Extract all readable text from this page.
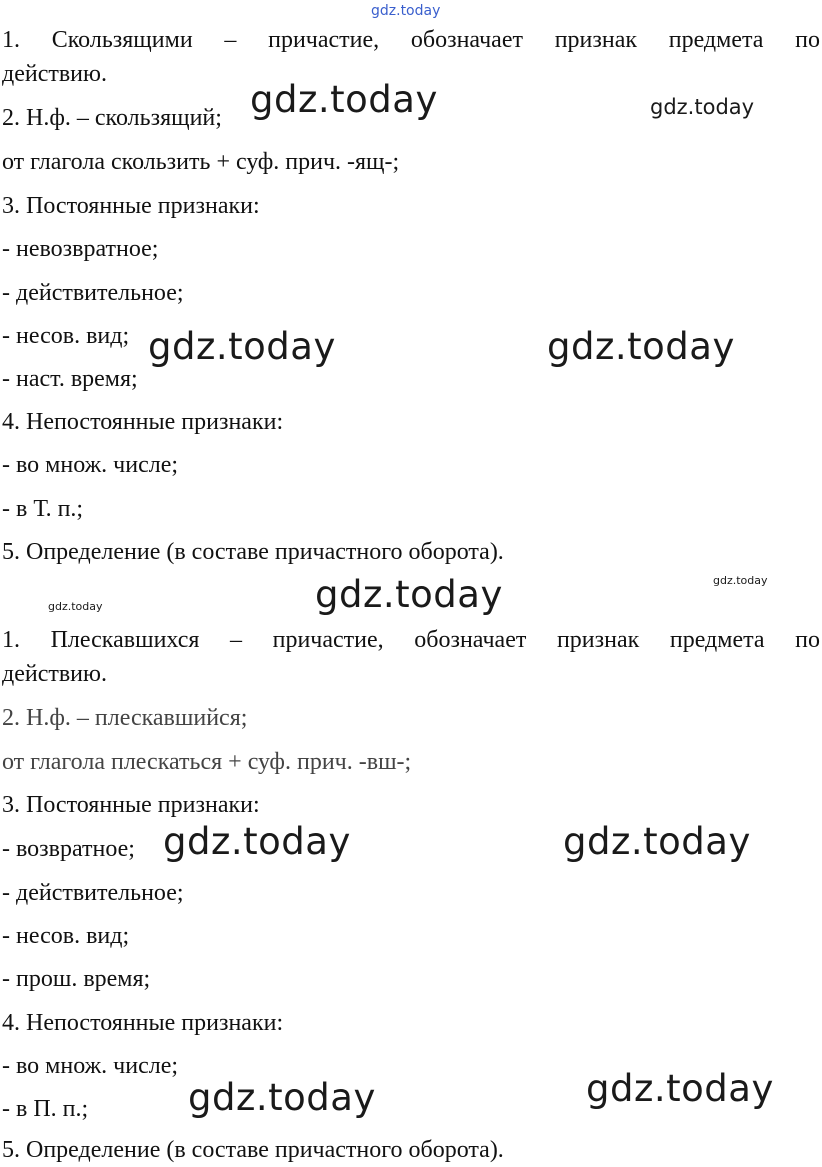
gdz.today
1. Скользящими – причастие, обозначает признак предмета по
действию.
2. Н.ф. – скользящий;
от глагола скользить + суф. прич. -ящ-;
3. Постоянные признаки:
- невозвратное;
- действительное;
- несов. вид;
- наст. время;
4. Непостоянные признаки:
- во множ. числе;
- в Т. п.;
5. Определение (в составе причастного оборота).
1. Плескавшихся – причастие, обозначает признак предмета по
действию.
2. Н.ф. – плескавшийся;
от глагола плескаться + суф. прич. -вш-;
3. Постоянные признаки:
- возвратное;
- действительное;
- несов. вид;
- прош. время;
4. Непостоянные признаки:
- во множ. числе;
- в П. п.;
5. Определение (в составе причастного оборота).
gdz.today	gdz.today
gdz.today	gdz.today
gdz.today	gdz.today
gdz.today
gdz.today	gdz.today
gdz.today	gdz.today
